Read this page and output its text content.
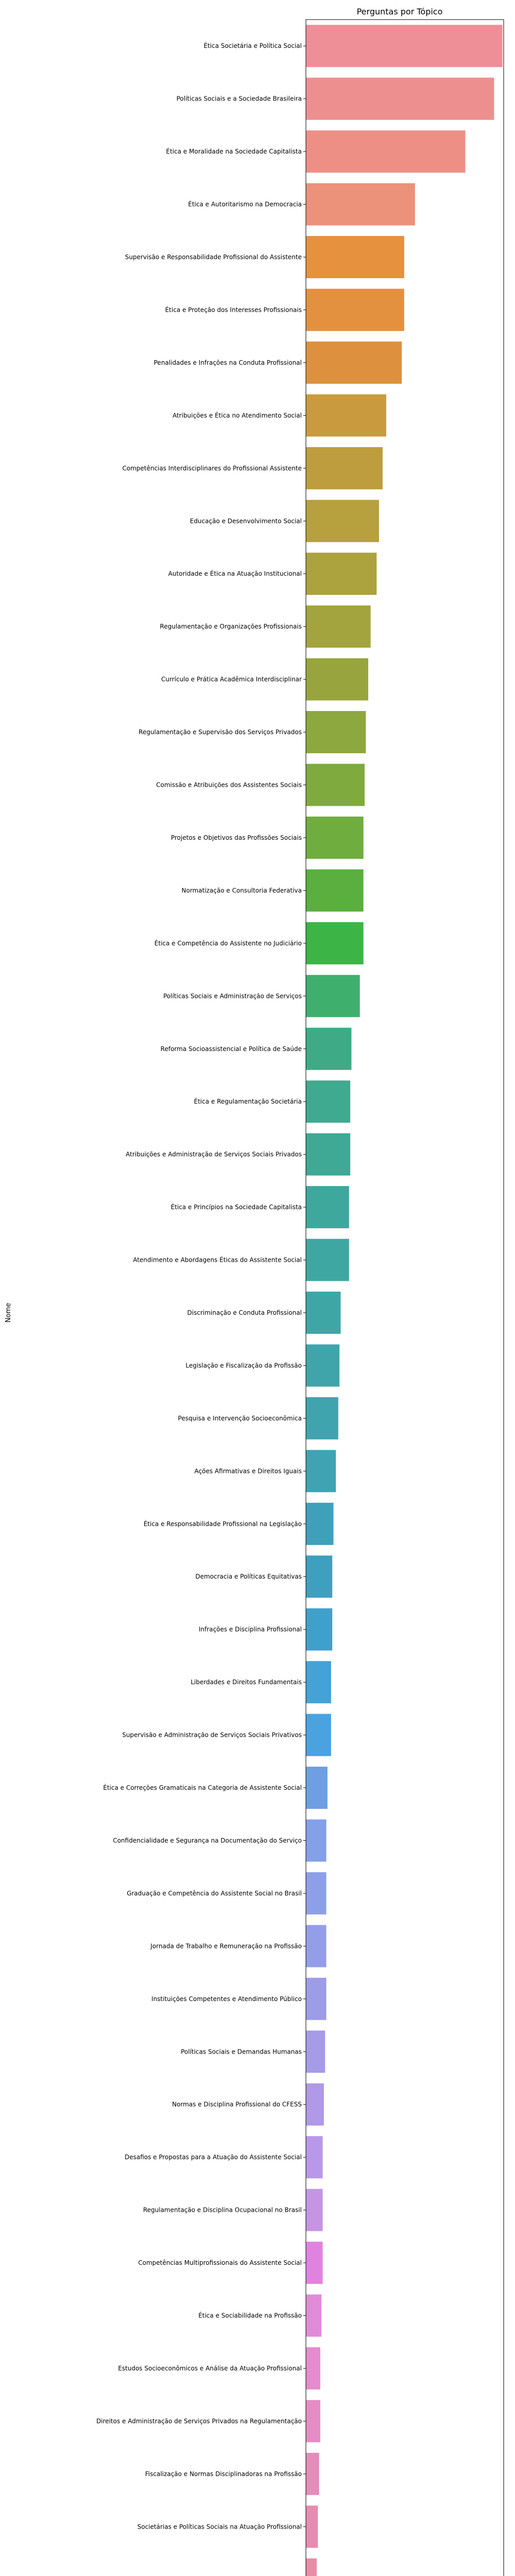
Perguntas por Tópico
Ética Societária e Política Social
Políticas Sociais e a Sociedade Brasileira
Ética e Moralidade na Sociedade Capitalista
Ética e Autoritarismo na Democracia
Supervisão e Responsabilidade Profissional do Assistente
Ética e Proteção dos Interesses Profissionais
Penalidades e Infrações na Conduta Profissional
Atribuições e Ética no Atendimento Social
Competências Interdisciplinares do Profissional Assistente
Educação e Desenvolvimento Social
Autoridade e Ética na Atuação Institucional
Regulamentação e Organizações Profissionais
Currículo e Prática Acadêmica Interdisciplinar
Regulamentação e Supervisão dos Serviços Privados
Comissão e Atribuições dos Assistentes Sociais
Projetos e Objetivos das Profissões Sociais
Normatização e Consultoria Federativa
Ética e Competência do Assistente no Judiciário
Políticas Sociais e Administração de Serviços
Reforma Socioassistencial e Política de Saúde
Ética e Regulamentação Societária
Atribuições e Administração de Serviços Sociais Privados
Ética e Princípios na Sociedade Capitalista
Atendimento e Abordagens Éticas do Assistente Social
Discriminação e Conduta Profissional
Legislação e Fiscalização da Profissão
Pesquisa e Intervenção Socioeconômica
Ações Afirmativas e Direitos Iguais
Ética e Responsabilidade Profissional na Legislação
Democracia e Políticas Equitativas
Infrações e Disciplina Profissional
Liberdades e Direitos Fundamentais
Supervisão e Administração de Serviços Sociais Privativos
Ética e Correções Gramaticais na Categoria de Assistente Social
Confidencialidade e Segurança na Documentação do Serviço
Graduação e Competência do Assistente Social no Brasil
Jornada de Trabalho e Remuneração na Profissão
Instituições Competentes e Atendimento Público
Políticas Sociais e Demandas Humanas
Normas e Disciplina Profissional do CFESS
Desafios e Propostas para a Atuação do Assistente Social
Regulamentação e Disciplina Ocupacional no Brasil
Competências Multiprofissionais do Assistente Social
Ética e Sociabilidade na Profissão
Estudos Socioeconômicos e Análise da Atuação Profissional
Direitos e Administração de Serviços Privados na Regulamentação
Fiscalização e Normas Disciplinadoras na Profissão
Societárias e Políticas Sociais na Atuação Profissional
Nome
